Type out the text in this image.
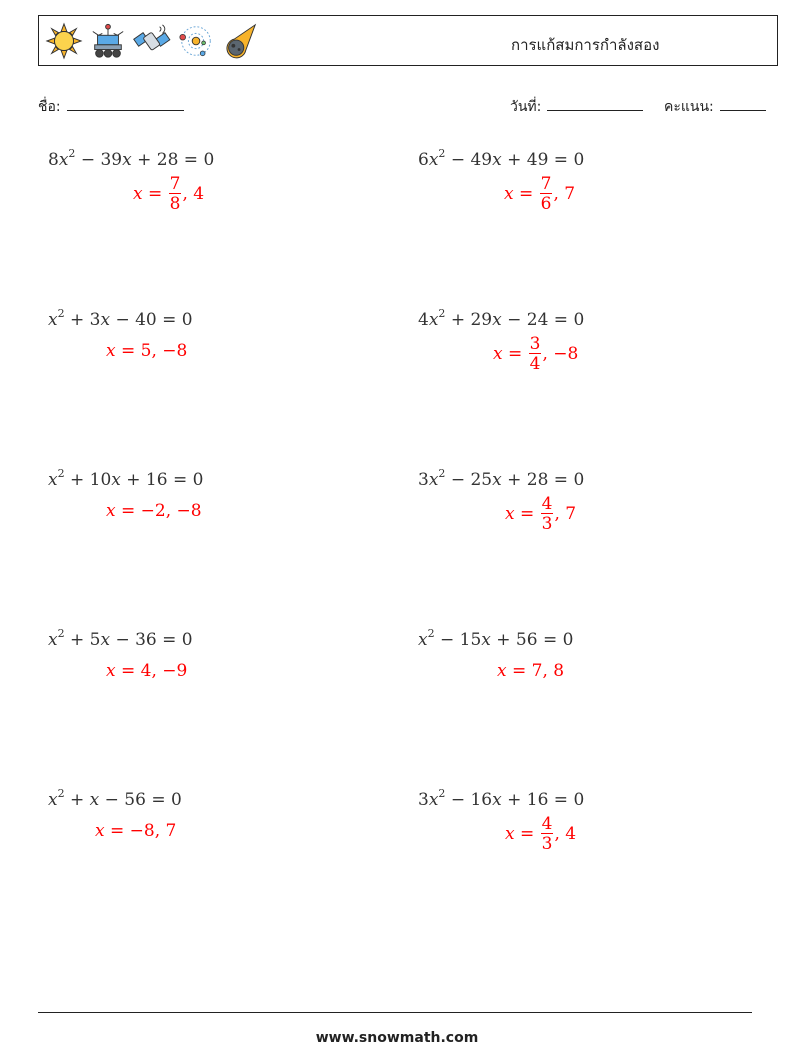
การแก้สมการกำลังสอง
ชื่อ:	วันที่:	คะแนน:
$8x^2 - 39x + 28 = 0$
$x = \frac{7}{8}$ , 4
$6x^2 - 49x + 49 = 0$
$x = \frac{7}{6}$ , 7
$x^2 + 3x - 40 = 0$
x = 5, −8
$4x^2 + 29x - 24 = 0$
$x = \frac{3}{4}$ , −8
$x^2 + 10x + 16 = 0$
x = −2, −8
$3x^2 - 25x + 28 = 0$
$x = \frac{4}{3}$ , 7
$x^2 + 5x - 36 = 0$
x = 4, −9
$x^2 - 15x + 56 = 0$
x = 7, 8
$x^2 + x - 56 = 0$
x = −8, 7
$3x^2 - 16x + 16 = 0$
$x = \frac{4}{3}$ , 4
www.snowmath.com
